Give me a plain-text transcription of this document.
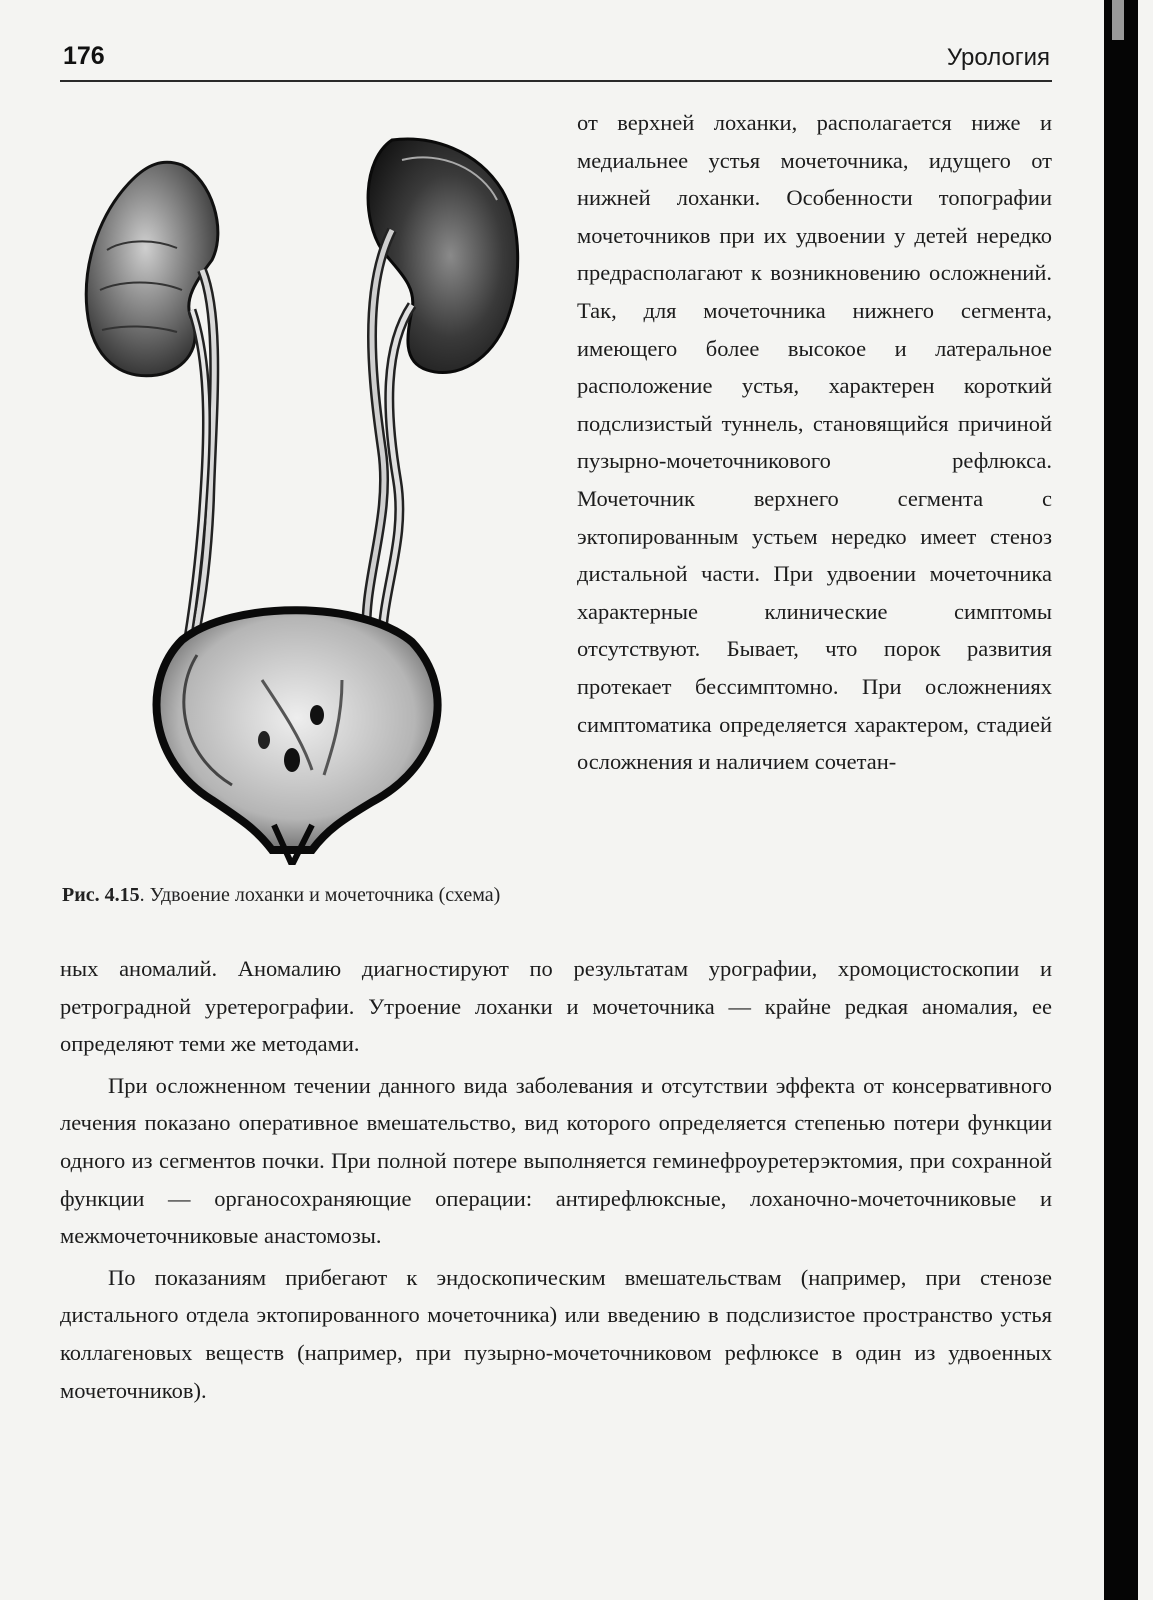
176	Урология
Рис. 4.15. Удвоение лоханки и мочеточника (схема)
от верхней лоханки, располагается ниже и медиальнее устья мочеточника, идущего от нижней лоханки. Особенности топографии мочеточников при их удвоении у детей нередко предрасполагают к возникновению осложнений. Так, для мочеточника нижнего сегмента, имеющего более высокое и латеральное расположение устья, характерен короткий подслизистый туннель, становящийся причиной пузырно-мочеточникового рефлюкса. Мочеточник верхнего сегмента с эктопированным устьем нередко имеет стеноз дистальной части. При удвоении мочеточника характерные клинические симптомы отсутствуют. Бывает, что порок развития протекает бессимптомно. При осложнениях симптоматика определяется характером, стадией осложнения и наличием сочетан-

ных аномалий. Аномалию диагностируют по результатам урографии, хромоцистоскопии и ретроградной уретерографии. Утроение лоханки и мочеточника — крайне редкая аномалия, ее определяют теми же методами.

При осложненном течении данного вида заболевания и отсутствии эффекта от консервативного лечения показано оперативное вмешательство, вид которого определяется степенью потери функции одного из сегментов почки. При полной потере выполняется геминефроуретерэктомия, при сохранной функции — органосохраняющие операции: антирефлюксные, лоханочно-мочеточниковые и межмочеточниковые анастомозы.

По показаниям прибегают к эндоскопическим вмешательствам (например, при стенозе дистального отдела эктопированного мочеточника) или введению в подслизистое пространство устья коллагеновых веществ (например, при пузырно-мочеточниковом рефлюксе в один из удвоенных мочеточников).
